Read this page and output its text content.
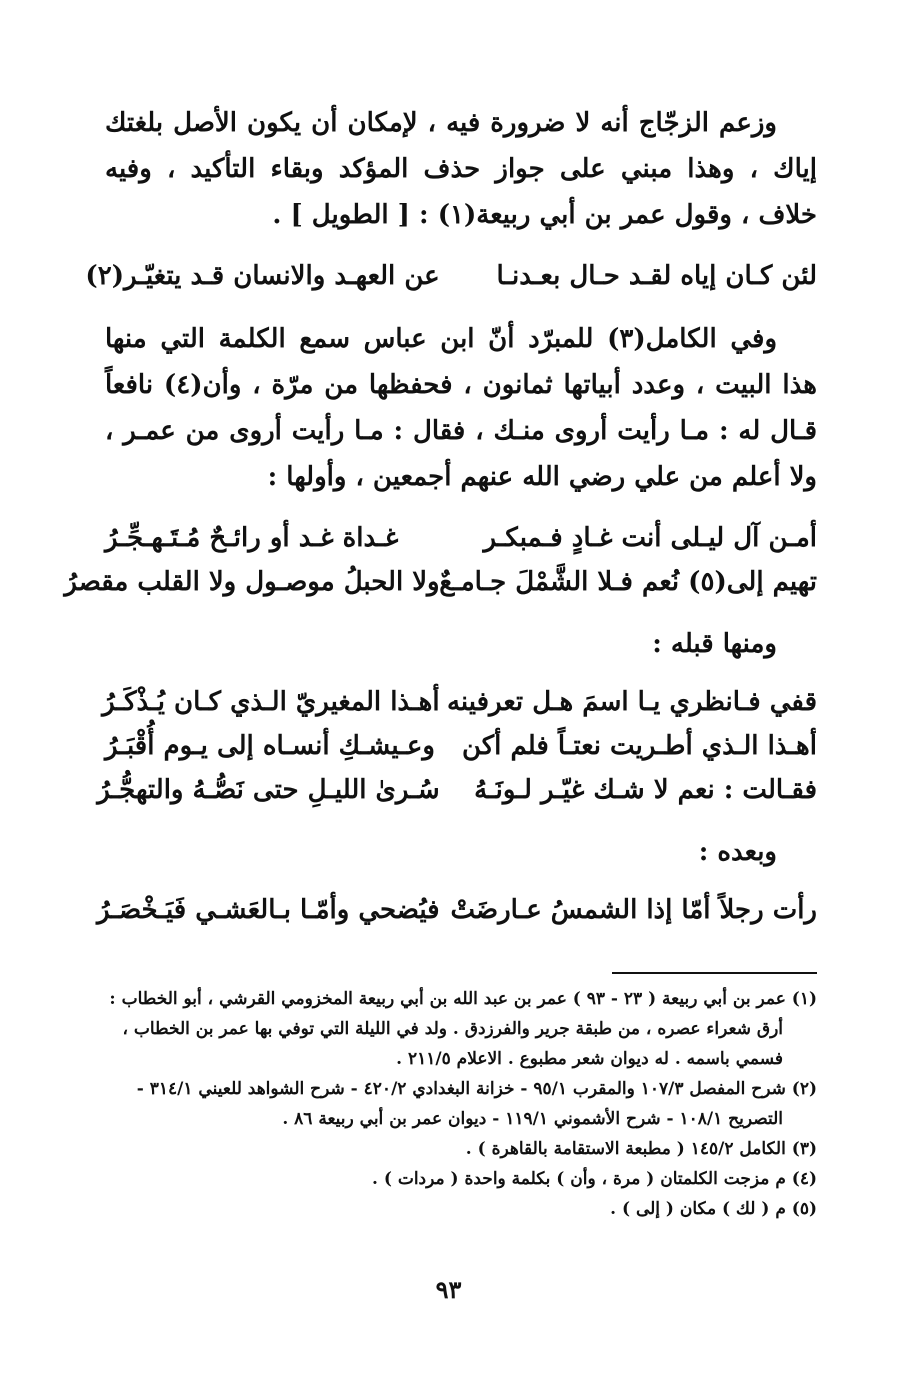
وزعم الزجّاج أنه لا ضرورة فيه ، لإمكان أن يكون الأصل بلغتك إياك ، وهذا مبني على جواز حذف المؤكد وبقاء التأكيد ، وفيه خلاف ، وقول عمر بن أبي ربيعة(١) : [ الطويل ] .

لئن كـان إياه لقـد حـال بعـدنـا
عن العهـد والانسان قـد يتغيّـر(٢)

وفي الكامل(٣) للمبرّد أنّ ابن عباس سمع الكلمة التي منها هذا البيت ، وعدد أبياتها ثمانون ، فحفظها من مرّة ، وأن(٤) نافعاً قـال له : مـا رأيت أروى منـك ، فقال : مـا رأيت أروى من عمـر ، ولا أعلم من علي رضي الله عنهم أجمعين ، وأولها :

أمـن آل ليـلى أنت غـادٍ فـمبكـر
غـداة غـد أو رائـحٌ مُـتَـهـجِّـرُ
تهيم إلى(٥) نُعم فـلا الشَّمْلَ جـامـعٌ
ولا الحبلُ موصـول ولا القلب مقصرُ
ومنها قبله :
قفي فـانظري يـا اسمَ هـل تعرفينه
أهـذا المغيريّ الـذي كـان يُـذْكَـرُ
أهـذا الـذي أطـريت نعتـاً فلم أكن
وعـيشـكِ أنسـاه إلى يـوم أُقْبَـرُ
فقـالت : نعم لا شـك غيّـر لـونَـهُ
سُـرىٰ الليـلِ حتى نَصُّـهُ والتهجُّـرُ
وبعده :
رأت رجلاً أمّا إذا الشمسُ عـارضَتْ
فيُضحي وأمّـا بـالعَشـي فَيَـخْصَـرُ

(١) عمر بن أبي ربيعة ( ٢٣ - ٩٣ ) عمر بن عبد الله بن أبي ربيعة المخزومي القرشي ، أبو الخطاب : أرق شعراء عصره ، من طبقة جرير والفرزدق . ولد في الليلة التي توفي بها عمر بن الخطاب ، فسمي باسمه . له ديوان شعر مطبوع . الاعلام ٢١١/٥ .

(٢) شرح المفصل ١٠٧/٣ والمقرب ٩٥/١ - خزانة البغدادي ٤٢٠/٢ - شرح الشواهد للعيني ٣١٤/١ - التصريح ١٠٨/١ - شرح الأشموني ١١٩/١ - ديوان عمر بن أبي ربيعة ٨٦ .

(٣) الكامل ١٤٥/٢ ( مطبعة الاستقامة بالقاهرة ) .

(٤) م مزجت الكلمتان ( مرة ، وأن ) بكلمة واحدة ( مردات ) .

(٥) م ( لك ) مكان ( إلى ) .

٩٣
